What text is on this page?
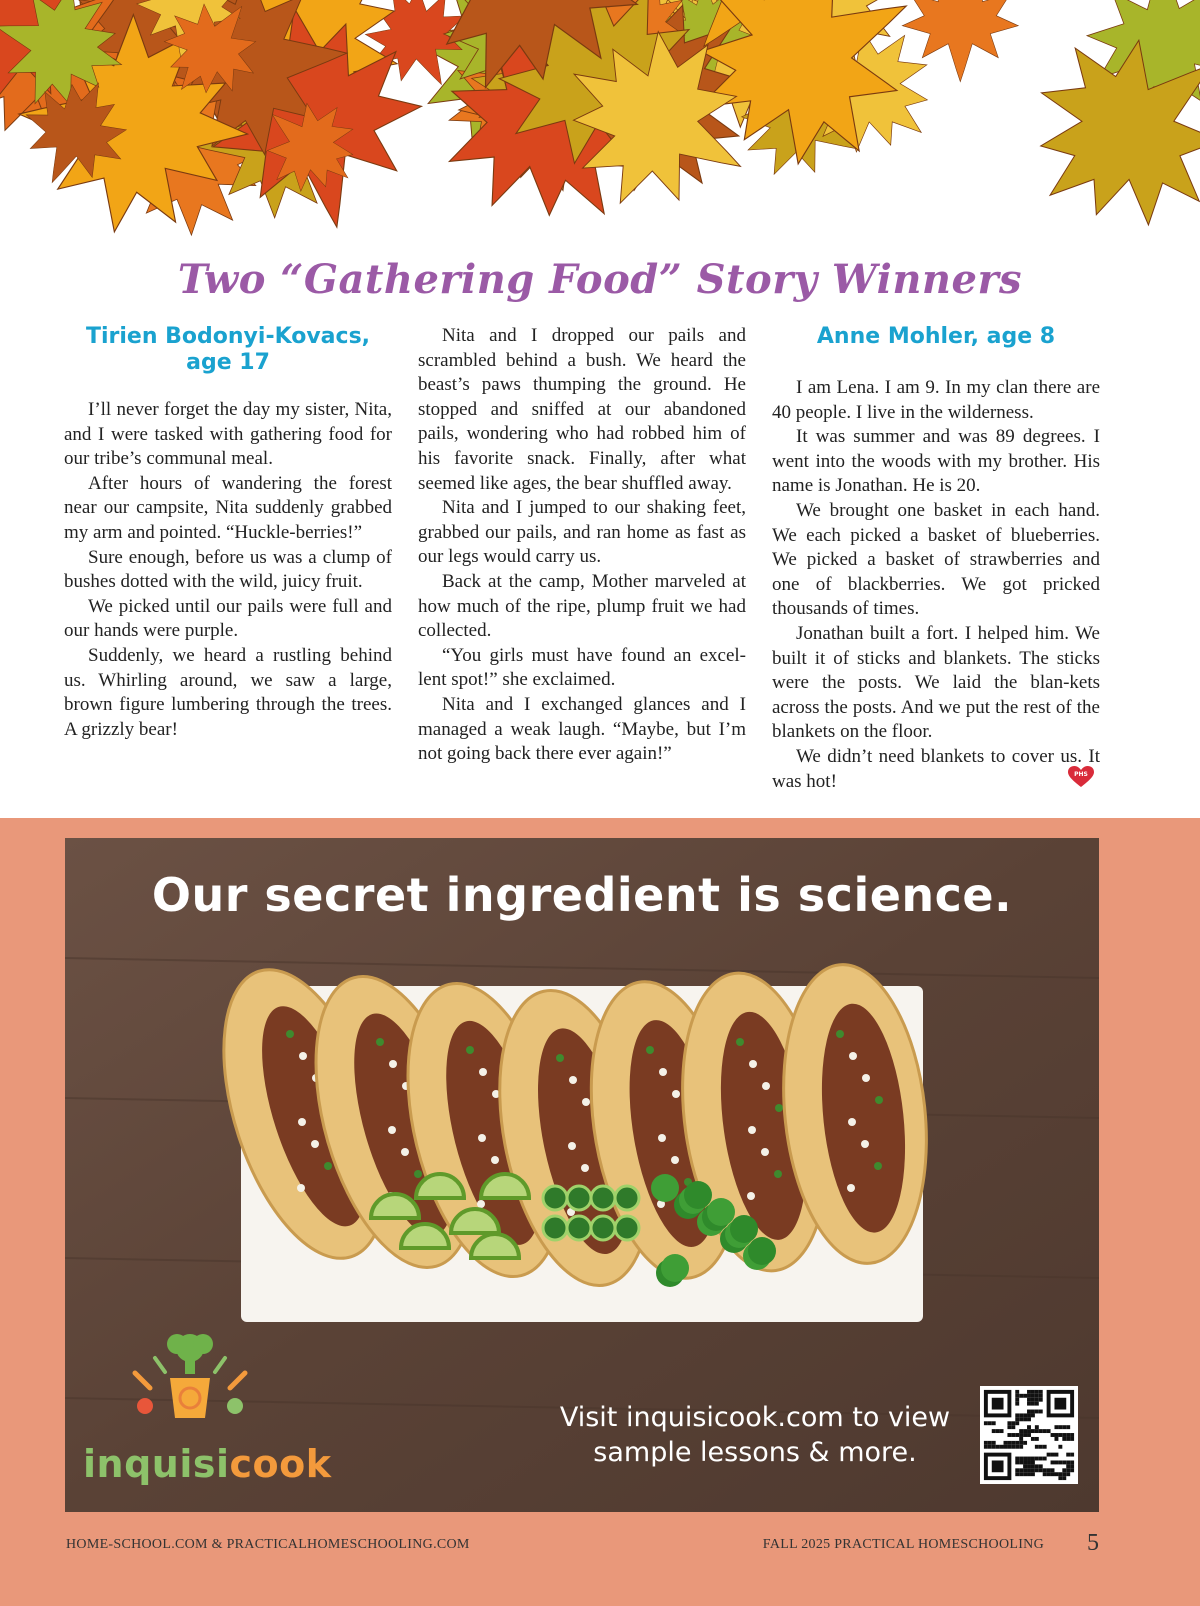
Two “Gathering Food” Story Winners
Tirien Bodonyi-Kovacs, age 17

I’ll never forget the day my sister, Nita, and I were tasked with gathering food for our tribe’s communal meal.

After hours of wandering the forest near our campsite, Nita suddenly grabbed my arm and pointed. “Huckle-berries!”

Sure enough, before us was a clump of bushes dotted with the wild, juicy fruit.

We picked until our pails were full and our hands were purple.

Suddenly, we heard a rustling behind us. Whirling around, we saw a large, brown figure lumbering through the trees. A grizzly bear!

Nita and I dropped our pails and scrambled behind a bush. We heard the beast’s paws thumping the ground. He stopped and sniffed at our abandoned pails, wondering who had robbed him of his favorite snack. Finally, after what seemed like ages, the bear shuffled away.

Nita and I jumped to our shaking feet, grabbed our pails, and ran home as fast as our legs would carry us.

Back at the camp, Mother marveled at how much of the ripe, plump fruit we had collected.

“You girls must have found an excel-lent spot!” she exclaimed.

Nita and I exchanged glances and I managed a weak laugh. “Maybe, but I’m not going back there ever again!”

Anne Mohler, age 8

I am Lena. I am 9. In my clan there are 40 people. I live in the wilderness.

It was summer and was 89 degrees. I went into the woods with my brother. His name is Jonathan. He is 20.

We brought one basket in each hand. We each picked a basket of blueberries. We picked a basket of strawberries and one of blackberries. We got pricked thousands of times.

Jonathan built a fort. I helped him. We built it of sticks and blankets. The sticks were the posts. We laid the blan-kets across the posts. And we put the rest of the blankets on the floor.

We didn’t need blankets to cover us. It was hot!	PHS
Our secret ingredient is science.
inquisicook
Visit inquisicook.com to view
sample lessons & more.
HOME-SCHOOL.COM & PRACTICALHOMESCHOOLING.COM	FALL 2025 PRACTICAL HOMESCHOOLING 5
